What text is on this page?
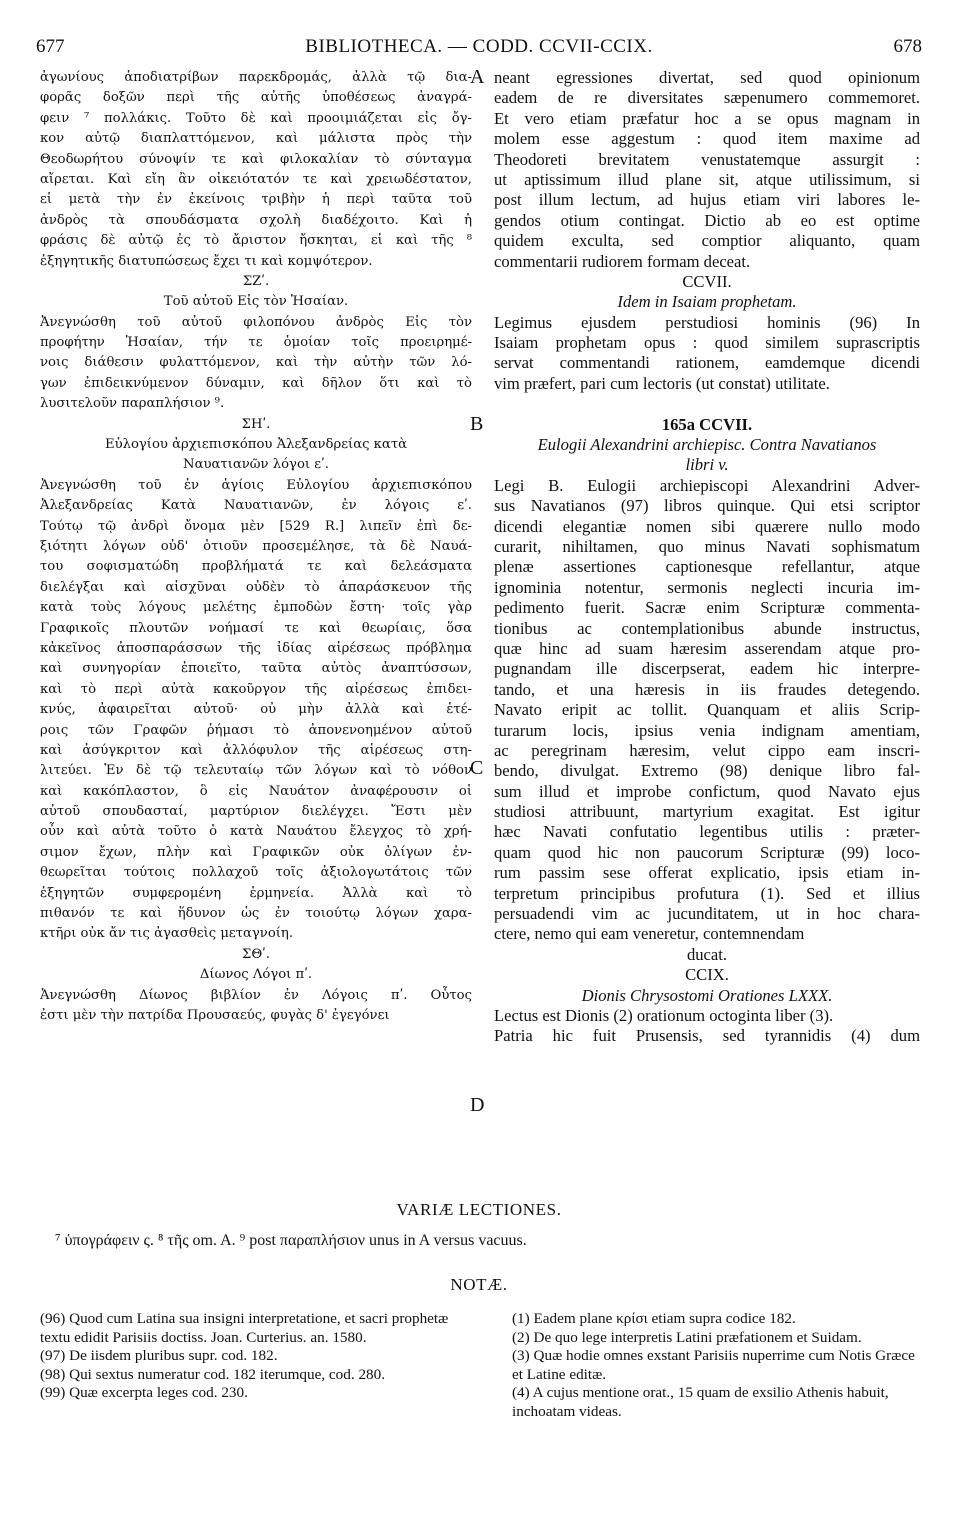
677	BIBLIOTHECA. — CODD. CCVII-CCIX.	678
ἀγωνίους ἀποδιατρίβων παρεκδρομάς, ἀλλὰ τῷ δια-
φορᾶς δοξῶν περὶ τῆς αὐτῆς ὑποθέσεως ἀναγρά-
φειν ⁷ πολλάκις. Τοῦτο δὲ καὶ προοιμιάζεται εἰς ὄγ-
κον αὐτῷ διαπλαττόμενον, καὶ μάλιστα πρὸς τὴν
Θεοδωρήτου σύνοψίν τε καὶ φιλοκαλίαν τὸ σύνταγμα
αἴρεται. Καὶ εἴη ἂν οἰκειότατόν τε καὶ χρειωδέστατον,
εἰ μετὰ τὴν ἐν ἐκείνοις τριβὴν ἡ περὶ ταῦτα τοῦ
ἀνδρὸς τὰ σπουδάσματα σχολὴ διαδέχοιτο. Καὶ ἡ
φράσις δὲ αὐτῷ ἐς τὸ ἄριστον ἤσκηται, εἰ καὶ τῆς ⁸
ἐξηγητικῆς διατυπώσεως ἔχει τι καὶ κομψότερον.
ΣΖʹ.
Τοῦ αὐτοῦ Εἰς τὸν Ἡσαίαν.
Ἀνεγνώσθη τοῦ αὐτοῦ φιλοπόνου ἀνδρὸς Εἰς τὸν
προφήτην Ἡσαίαν, τήν τε ὁμοίαν τοῖς προειρημέ-
νοις διάθεσιν φυλαττόμενον, καὶ τὴν αὐτὴν τῶν λό-
γων ἐπιδεικνύμενον δύναμιν, καὶ δῆλον ὅτι καὶ τὸ
λυσιτελοῦν παραπλήσιον ⁹.
ΣΗʹ.
Εὐλογίου ἀρχιεπισκόπου Ἀλεξανδρείας κατὰ
Ναυατιανῶν λόγοι εʹ.
Ἀνεγνώσθη τοῦ ἐν ἁγίοις Εὐλογίου ἀρχιεπισκόπου
Ἀλεξανδρείας Κατὰ Ναυατιανῶν, ἐν λόγοις εʹ.
Τούτῳ τῷ ἀνδρὶ ὄνομα μὲν [529 R.] λιπεῖν ἐπὶ δε-
ξιότητι λόγων οὐδ' ὁτιοῦν προσεμέλησε, τὰ δὲ Ναυά-
του σοφισματώδη προβλήματά τε καὶ δελεάσματα
διελέγξαι καὶ αἰσχῦναι οὐδὲν τὸ ἀπαράσκευον τῆς
κατὰ τοὺς λόγους μελέτης ἐμποδὼν ἔστη· τοῖς γὰρ
Γραφικοῖς πλουτῶν νοήμασί τε καὶ θεωρίαις, ὅσα
κἀκεῖνος ἀποσπαράσσων τῆς ἰδίας αἱρέσεως πρόβλημα
καὶ συνηγορίαν ἐποιεῖτο, ταῦτα αὐτὸς ἀναπτύσσων,
καὶ τὸ περὶ αὐτὰ κακοῦργον τῆς αἱρέσεως ἐπιδει-
κνύς, ἀφαιρεῖται αὐτοῦ· οὐ μὴν ἀλλὰ καὶ ἑτέ-
ροις τῶν Γραφῶν ῥήμασι τὸ ἀπονενοημένον αὐτοῦ
καὶ ἀσύγκριτον καὶ ἀλλόφυλον τῆς αἱρέσεως στη-
λιτεύει. Ἐν δὲ τῷ τελευταίῳ τῶν λόγων καὶ τὸ νόθον
καὶ κακόπλαστον, ὃ εἰς Ναυάτον ἀναφέρουσιν οἱ
αὐτοῦ σπουδασταί, μαρτύριον διελέγχει. Ἔστι μὲν
οὖν καὶ αὐτὰ τοῦτο ὁ κατὰ Ναυάτου ἔλεγχος τὸ χρή-
σιμον ἔχων, πλὴν καὶ Γραφικῶν οὐκ ὀλίγων ἐν-
θεωρεῖται τούτοις πολλαχοῦ τοῖς ἀξιολογωτάτοις τῶν
ἐξηγητῶν συμφερομένη ἑρμηνεία. Ἀλλὰ καὶ τὸ
πιθανόν τε καὶ ἥδυνον ὡς ἐν τοιούτῳ λόγων χαρα-
κτῆρι οὐκ ἄν τις ἀγασθεὶς μεταγνοίη.
ΣΘʹ.
Δίωνος Λόγοι πʹ.
Ἀνεγνώσθη Δίωνος βιβλίον ἐν Λόγοις πʹ. Οὗτος
ἐστι μὲν τὴν πατρίδα Προυσαεύς, φυγὰς δ' ἐγεγόνει
neant egressiones divertat, sed quod opinionum
eadem de re diversitates sæpenumero commemoret.
Et vero etiam præfatur hoc a se opus magnam in
molem esse aggestum : quod item maxime ad
Theodoreti brevitatem venustatemque assurgit :
ut aptissimum illud plane sit, atque utilissimum, si
post illum lectum, ad hujus etiam viri labores le-
gendos otium contingat. Dictio ab eo est optime
quidem exculta, sed comptior aliquanto, quam
commentarii rudiorem formam deceat.
CCVII.
Idem in Isaiam prophetam.
Legimus ejusdem perstudiosi hominis (96) In
Isaiam prophetam opus : quod similem suprascriptis
servat commentandi rationem, eamdemque dicendi
vim præfert, pari cum lectoris (ut constat) utilitate.
165a CCVII.
Eulogii Alexandrini archiepisc. Contra Navatianos
libri v.
Legi B. Eulogii archiepiscopi Alexandrini Adver-
sus Navatianos (97) libros quinque. Qui etsi scriptor
dicendi elegantiæ nomen sibi quærere nullo modo
curarit, nihiltamen, quo minus Navati sophismatum
plenæ assertiones captionesque refellantur, atque
ignominia notentur, sermonis neglecti incuria im-
pedimento fuerit. Sacræ enim Scripturæ commenta-
tionibus ac contemplationibus abunde instructus,
quæ hinc ad suam hæresim asserendam atque pro-
pugnandam ille discerpserat, eadem hic interpre-
tando, et una hæresis in iis fraudes detegendo.
Navato eripit ac tollit. Quanquam et aliis Scrip-
turarum locis, ipsius venia indignam amentiam,
ac peregrinam hæresim, velut cippo eam inscri-
bendo, divulgat. Extremo (98) denique libro fal-
sum illud et improbe confictum, quod Navato ejus
studiosi attribuunt, martyrium exagitat. Est igitur
hæc Navati confutatio legentibus utilis : præter-
quam quod hic non paucorum Scripturæ (99) loco-
rum passim sese offerat explicatio, ipsis etiam in-
terpretum principibus profutura (1). Sed et illius
persuadendi vim ac jucunditatem, ut in hoc chara-
ctere, nemo qui eam veneretur, contemnendam
ducat.
CCIX.
Dionis Chrysostomi Orationes LXXX.
Lectus est Dionis (2) orationum octoginta liber (3).
Patria hic fuit Prusensis, sed tyrannidis (4) dum
A
B
C
D
VARIÆ LECTIONES.
⁷ ὑπογράφειν ς. ⁸ τῆς om. A. ⁹ post παραπλήσιον unus in A versus vacuus.
NOTÆ.
(96) Quod cum Latina sua insigni interpretatione, et sacri prophetæ textu edidit Parisiis doctiss. Joan. Curterius. an. 1580.
(97) De iisdem pluribus supr. cod. 182.
(98) Qui sextus numeratur cod. 182 iterumque, cod. 280.
(99) Quæ excerpta leges cod. 230.
(1) Eadem plane κρίσι etiam supra codice 182.
(2) De quo lege interpretis Latini præfationem et Suidam.
(3) Quæ hodie omnes exstant Parisiis nuperrime cum Notis Græce et Latine editæ.
(4) A cujus mentione orat., 15 quam de exsilio Athenis habuit, inchoatam videas.
